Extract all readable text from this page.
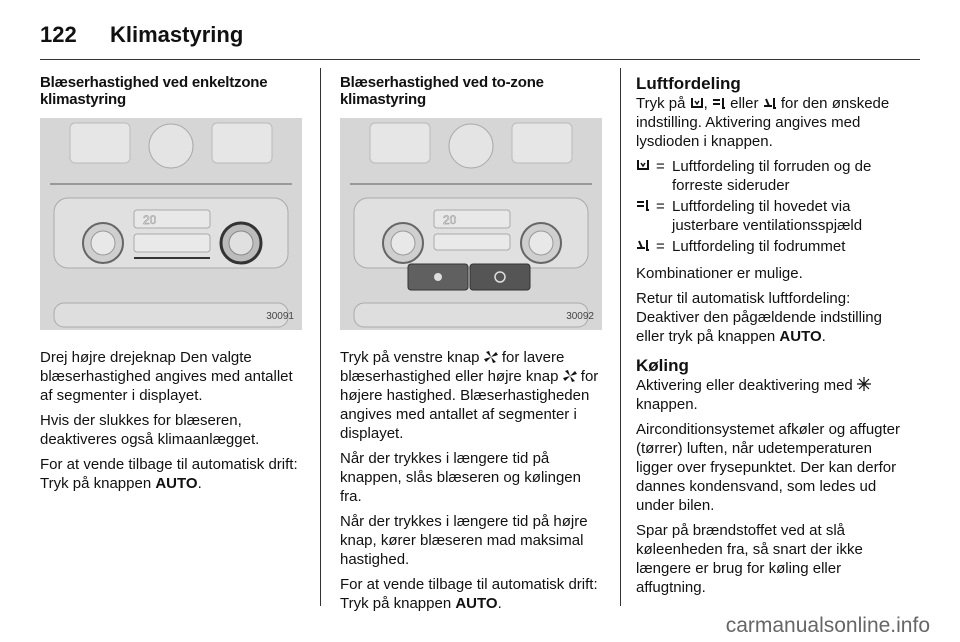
122 Klimastyring
Blæserhastighed ved enkeltzone klimastyring
20
30091

Drej højre drejeknap Den valgte blæserhastighed angives med antallet af segmenter i displayet.

Hvis der slukkes for blæseren, deaktiveres også klimaanlægget.

For at vende tilbage til automatisk drift: Tryk på knappen AUTO.

Blæserhastighed ved to-zone klimastyring
20
30092

Tryk på venstre knap  for lavere blæserhastighed eller højre knap  for højere hastighed. Blæserhastigheden angives med antallet af segmenter i displayet.

Når der trykkes i længere tid på knappen, slås blæseren og kølingen fra.

Når der trykkes i længere tid på højre knap, kører blæseren mad maksimal hastighed.

For at vende tilbage til automatisk drift: Tryk på knappen AUTO.

Luftfordeling

Tryk på ,  eller  for den ønskede indstilling. Aktivering angives med lysdioden i knappen.

= Luftfordeling til forruden og de forreste sideruder
= Luftfordeling til hovedet via justerbare ventilationsspjæld
= Luftfordeling til fodrummet

Kombinationer er mulige.

Retur til automatisk luftfordeling: Deaktiver den pågældende indstilling eller tryk på knappen AUTO.

Køling

Aktivering eller deaktivering med  knappen.

Airconditionsystemet afkøler og affugter (tørrer) luften, når udetemperaturen ligger over frysepunktet. Der kan derfor dannes kondensvand, som ledes ud under bilen.

Spar på brændstoffet ved at slå køleenheden fra, så snart der ikke længere er brug for køling eller affugtning.

carmanualsonline.info
